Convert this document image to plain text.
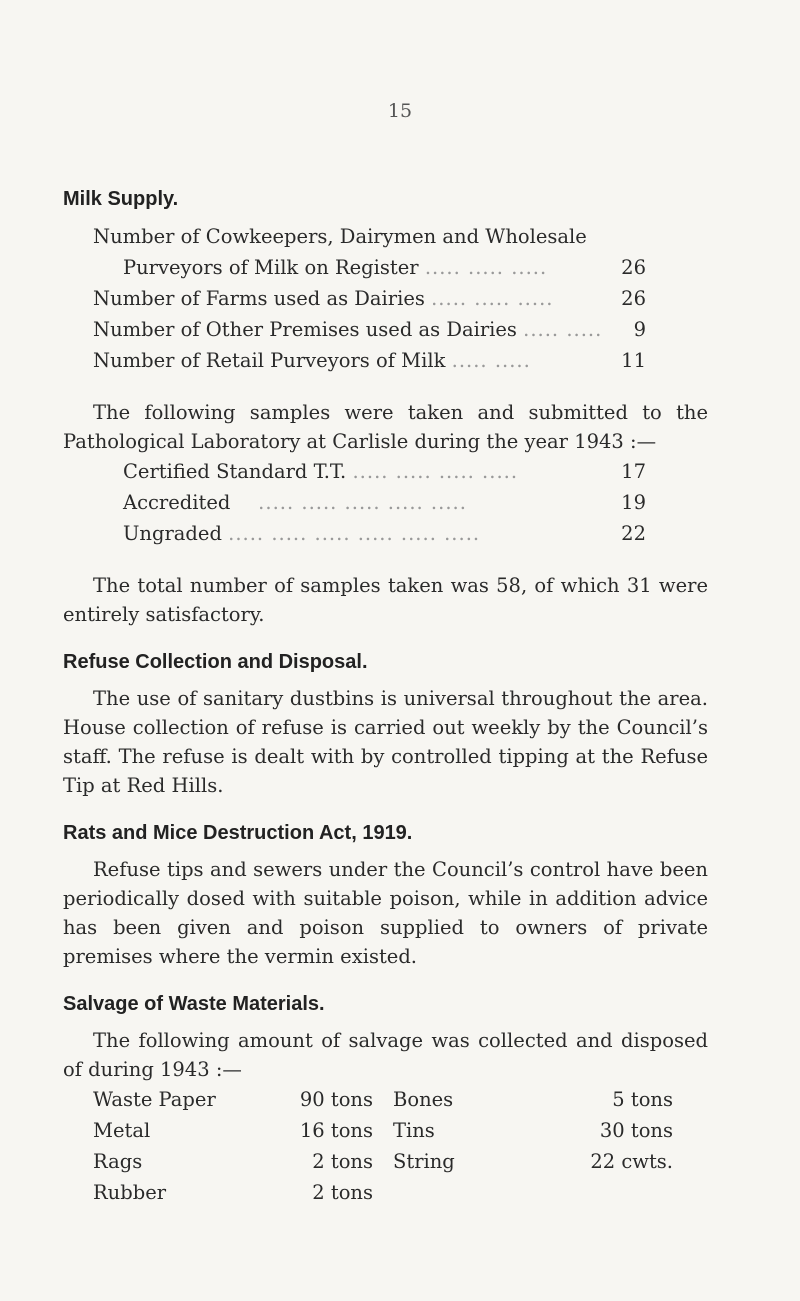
15
Milk Supply.
Number of Cowkeepers, Dairymen and Wholesale
Purveyors of Milk on Register ..... ..... .....	26
Number of Farms used as Dairies ..... ..... .....	26
Number of Other Premises used as Dairies ..... .....	9
Number of Retail Purveyors of Milk ..... .....	11

The following samples were taken and submitted to the Pathological Laboratory at Carlisle during the year 1943 :—

Certified Standard T.T. ..... ..... ..... .....	17
Accredited    ..... ..... ..... ..... .....	19
Ungraded ..... ..... ..... ..... ..... .....	22

The total number of samples taken was 58, of which 31 were entirely satisfactory.

Refuse Collection and Disposal.

The use of sanitary dustbins is universal throughout the area. House collection of refuse is carried out weekly by the Council’s staff. The refuse is dealt with by controlled tipping at the Refuse Tip at Red Hills.

Rats and Mice Destruction Act, 1919.

Refuse tips and sewers under the Council’s control have been periodically dosed with suitable poison, while in addition advice has been given and poison supplied to owners of private premises where the vermin existed.

Salvage of Waste Materials.

The following amount of salvage was collected and disposed of during 1943 :—

Waste Paper	90 tons Bones	5 tons
Metal	16 tons Tins	30 tons
Rags	2 tons String	22 cwts.
Rubber	2 tons
